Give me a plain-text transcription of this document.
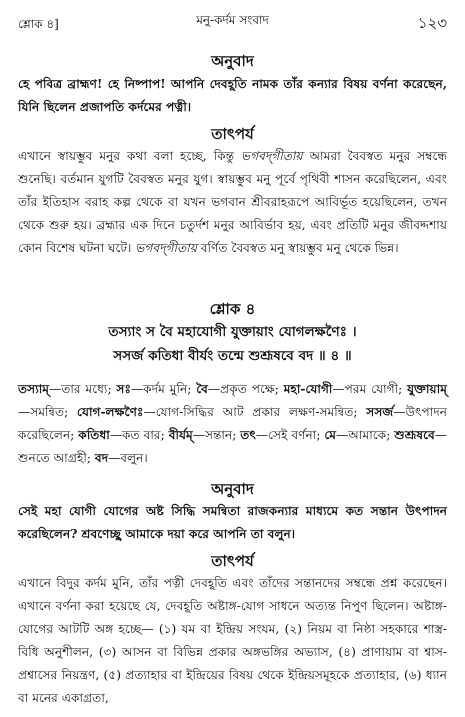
শ্লোক ৪]	মনু-কর্দম সংবাদ	১২৩
অনুবাদ
হে পবিত্র ব্রাহ্মণ! হে নিষ্পাপ! আপনি দেবহূতি নামক তাঁর কন্যার বিষয় বর্ণনা করেছেন, যিনি ছিলেন প্রজাপতি কর্দমের পত্নী।
তাৎপর্য
এখানে স্বায়ম্ভুব মনুর কথা বলা হচ্ছে, কিন্তু ভগবদ্‌গীতায় আমরা বৈবস্বত মনুর সম্বন্ধে শুনেছি। বর্তমান যুগটি বৈবস্বত মনুর যুগ। স্বায়ম্ভুব মনু পূর্বে পৃথিবী শাসন করেছিলেন, এবং তাঁর ইতিহাস বরাহ কল্প থেকে বা যখন ভগবান শ্রীবরাহরূপে আবির্ভূত হয়েছিলেন, তখন থেকে শুরু হয়। ব্রহ্মার এক দিনে চতুর্দশ মনুর আবির্ভাব হয়, এবং প্রতিটি মনুর জীবদ্দশায় কোন বিশেষ ঘটনা ঘটে। ভগবদ্‌গীতায় বর্ণিত বৈবস্বত মনু স্বায়ম্ভুব মনু থেকে ভিন্ন।
শ্লোক ৪
তস্যাং স বৈ মহাযোগী যুক্তায়াং যোগলক্ষণৈঃ ।
সসর্জ কতিধা বীর্যং তন্মে শুশ্রূষবে বদ ॥ ৪ ॥
তস্যাম্‌—তার মধ্যে; সঃ—কর্দম মুনি; বৈ—প্রকৃত পক্ষে; মহা-যোগী—পরম যোগী; যুক্তায়াম্‌—সমন্বিত; যোগ-লক্ষণৈঃ—যোগ-সিদ্ধির আট প্রকার লক্ষণ-সমন্বিত; সসর্জ—উৎপাদন করেছিলেন; কতিধা—কত বার; বীর্যম্‌—সন্তান; তৎ—সেই বর্ণনা; মে—আমাকে; শুশ্রূষবে—শুনতে আগ্রহী; বদ—বলুন।
অনুবাদ
সেই মহা যোগী যোগের অষ্ট সিদ্ধি সমন্বিতা রাজকন্যার মাধ্যমে কত সন্তান উৎপাদন করেছিলেন? শ্রবণেচ্ছু আমাকে দয়া করে আপনি তা বলুন।
তাৎপর্য
এখানে বিদুর কর্দম মুনি, তাঁর পত্নী দেবহূতি এবং তাঁদের সন্তানদের সম্বন্ধে প্রশ্ন করেছেন। এখানে বর্ণনা করা হয়েছে যে, দেবহূতি অষ্টাঙ্গ-যোগ সাধনে অত্যন্ত নিপুণ ছিলেন। অষ্টাঙ্গ-যোগের আটটি অঙ্গ হচ্ছে— (১) যম বা ইন্দ্রিয় সংযম, (২) নিয়ম বা নিষ্ঠা সহকারে শাস্ত্র-বিধি অনুশীলন, (৩) আসন বা বিভিন্ন প্রকার অঙ্গভঙ্গির অভ্যাস, (৪) প্রাণায়াম বা শ্বাস-প্রশ্বাসের নিয়ন্ত্রণ, (৫) প্রত্যাহার বা ইন্দ্রিয়ের বিষয় থেকে ইন্দ্রিয়সমূহকে প্রত্যাহার, (৬) ধ্যান বা মনের একাগ্রতা,
